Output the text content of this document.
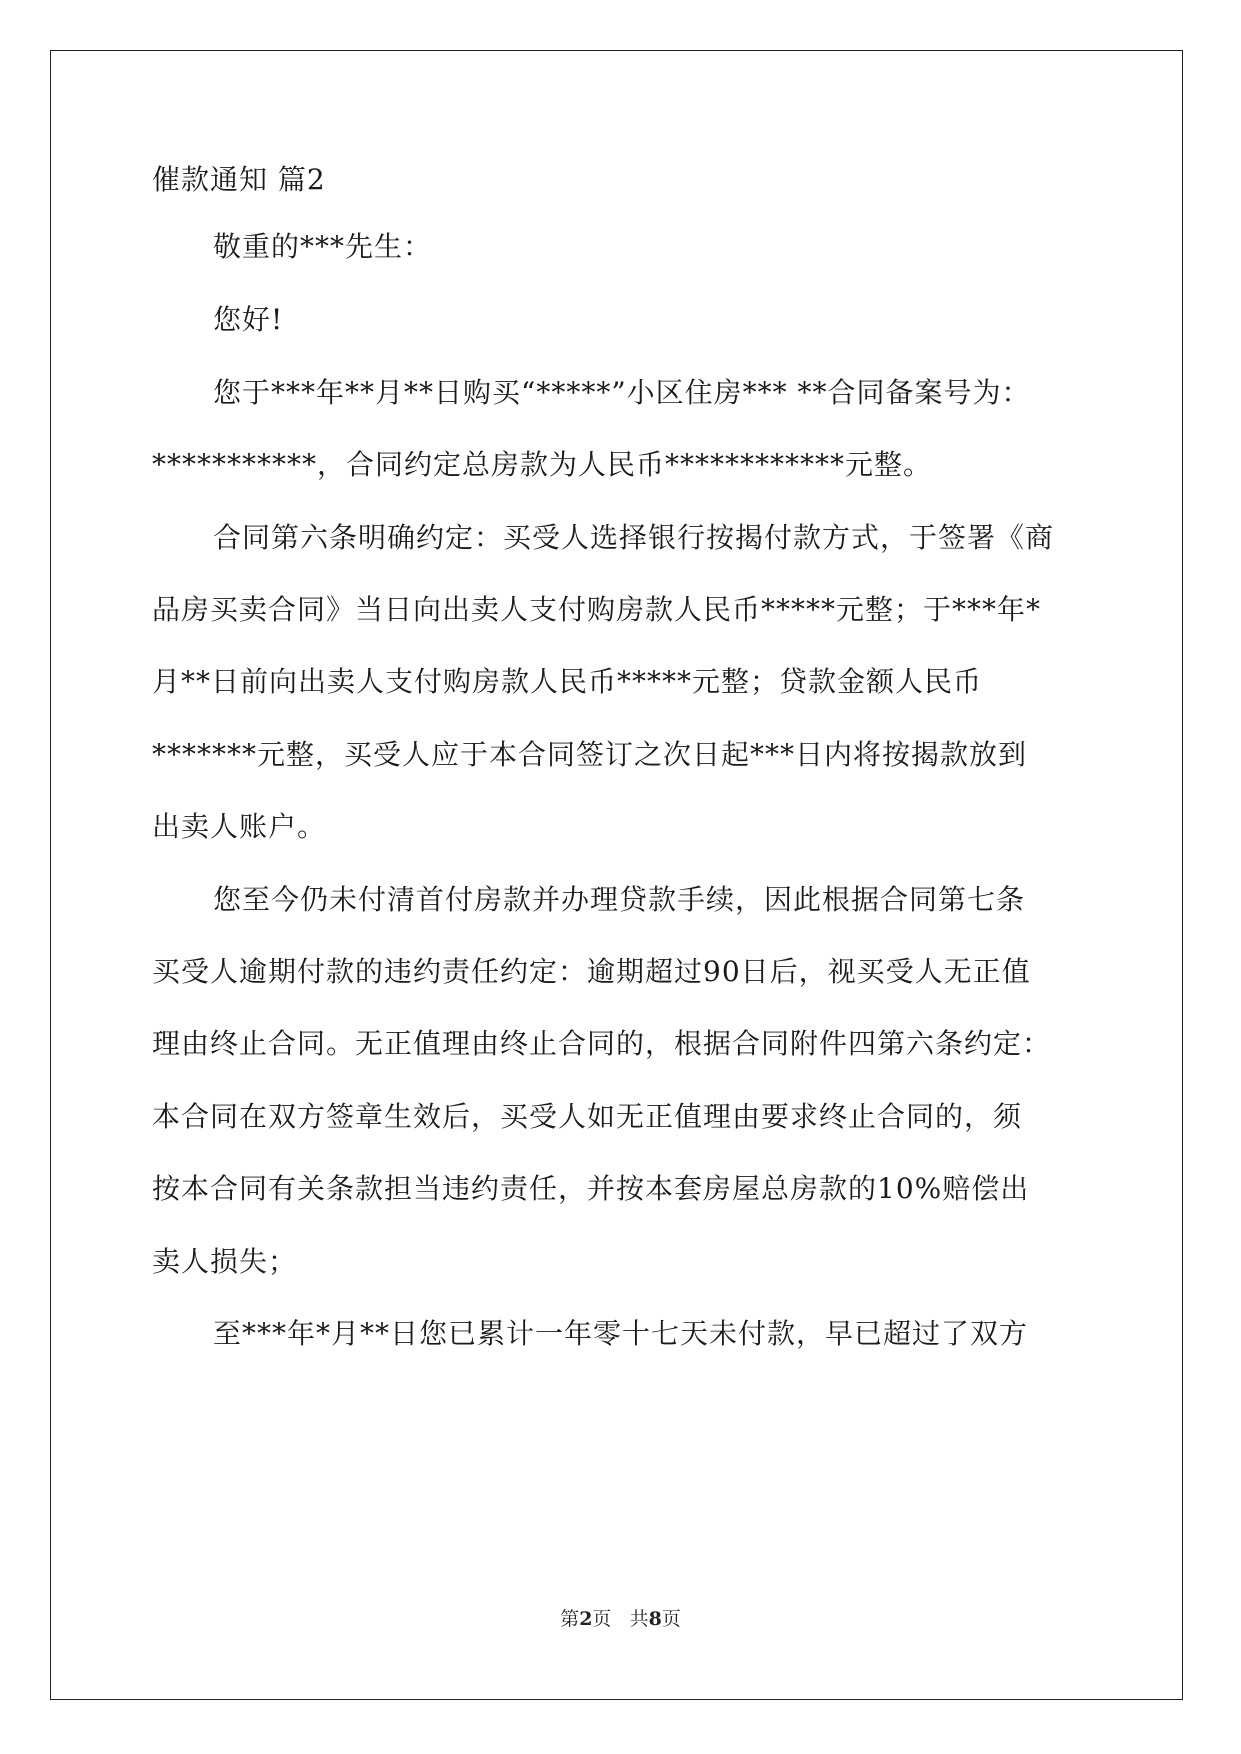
催款通知 篇2
敬重的***先生：
您好!
您于***年**月**日购买“*****”小区住房*** **合同备案号为：
***********，合同约定总房款为人民币************元整。
合同第六条明确约定：买受人选择银行按揭付款方式，于签署《商
品房买卖合同》当日向出卖人支付购房款人民币*****元整；于***年*
月**日前向出卖人支付购房款人民币*****元整；贷款金额人民币
*******元整，买受人应于本合同签订之次日起***日内将按揭款放到
出卖人账户。
您至今仍未付清首付房款并办理贷款手续，因此根据合同第七条
买受人逾期付款的违约责任约定：逾期超过90日后，视买受人无正值
理由终止合同。无正值理由终止合同的，根据合同附件四第六条约定：
本合同在双方签章生效后，买受人如无正值理由要求终止合同的，须
按本合同有关条款担当违约责任，并按本套房屋总房款的10%赔偿出
卖人损失；
至***年*月**日您已累计一年零十七天未付款，早已超过了双方
第2页 共8页
